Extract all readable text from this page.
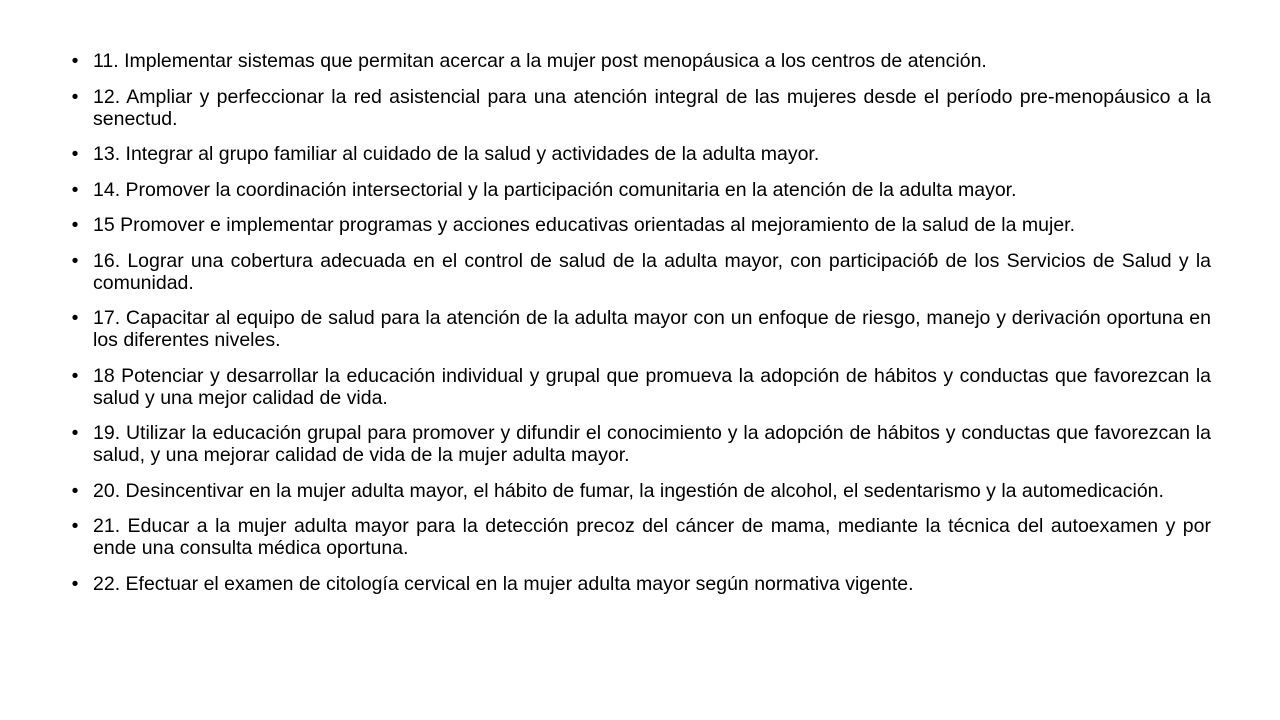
• 11. Implementar sistemas que permitan acercar a la mujer post menopáusica a los centros de atención.
• 12. Ampliar y perfeccionar la red asistencial para una atención integral de las mujeres desde el período pre-menopáusico a la senectud.
• 13. Integrar al grupo familiar al cuidado de la salud y actividades de la adulta mayor.
• 14. Promover la coordinación intersectorial y la participación comunitaria en la atención de la adulta mayor.
• 15 Promover e implementar programas y acciones educativas orientadas al mejoramiento de la salud de la mujer.
• 16. Lograr una cobertura adecuada en el control de salud de la adulta mayor, con participacióɓ de los Servicios de Salud y la comunidad.
• 17. Capacitar al equipo de salud para la atención de la adulta mayor con un enfoque de riesgo, manejo y derivación oportuna en los diferentes niveles.
• 18 Potenciar y desarrollar la educación individual y grupal que promueva la adopción de hábitos y conductas que favorezcan la salud y una mejor calidad de vida.
• 19. Utilizar la educación grupal para promover y difundir el conocimiento y la adopción de hábitos y conductas que favorezcan la salud, y una mejorar calidad de vida de la mujer adulta mayor.
• 20. Desincentivar en la mujer adulta mayor, el hábito de fumar, la ingestión de alcohol, el sedentarismo y la automedicación.
• 21. Educar a la mujer adulta mayor para la detección precoz del cáncer de mama, mediante la técnica del autoexamen y por ende una consulta médica oportuna.
• 22. Efectuar el examen de citología cervical en la mujer adulta mayor según normativa vigente.
